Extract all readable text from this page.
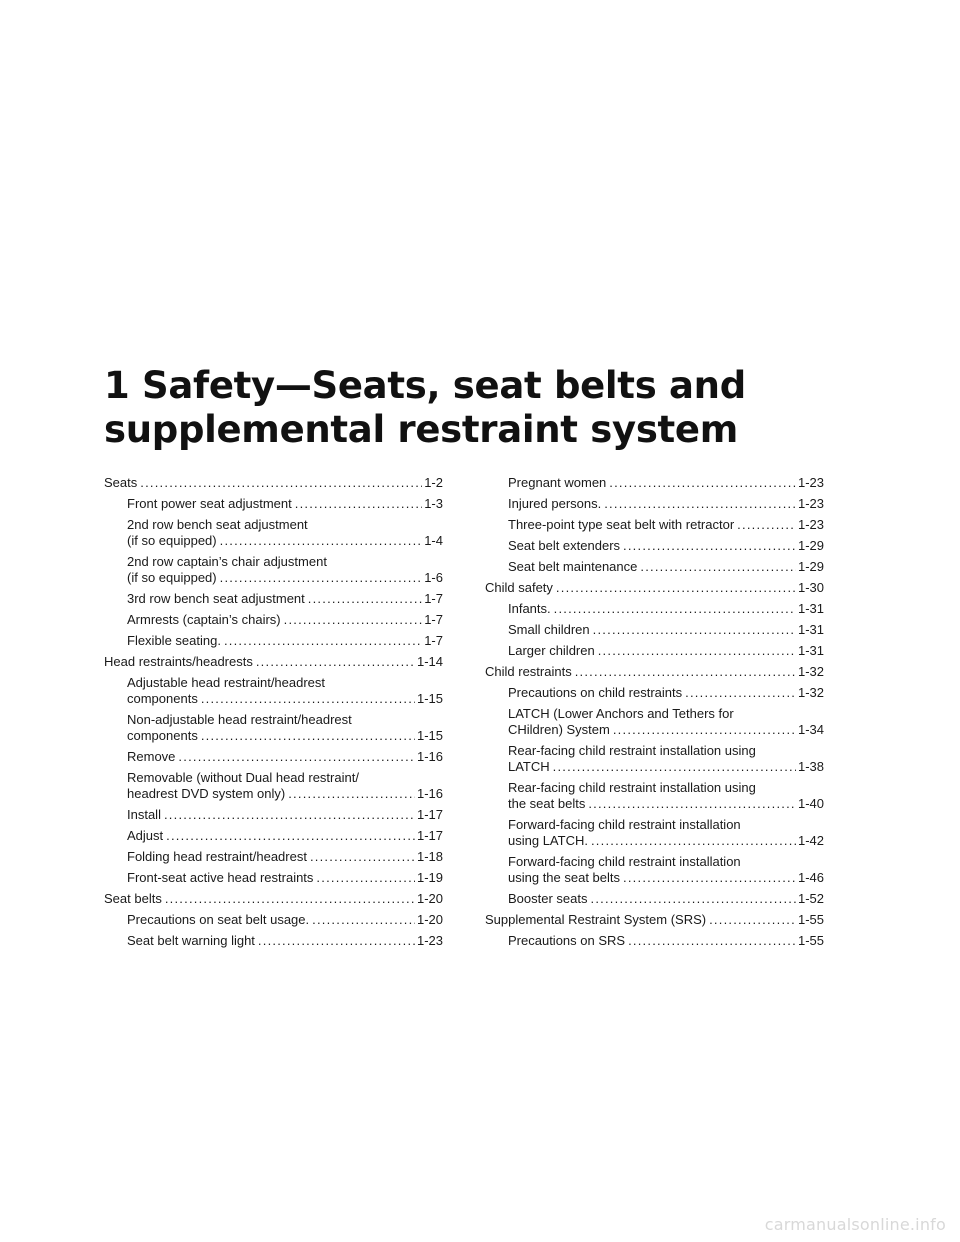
1 Safety—Seats, seat belts and
supplemental restraint system
Seats . . .	1-2
Front power seat adjustment . . .	1-3
2nd row bench seat adjustment
(if so equipped) . . .	1-4
2nd row captain’s chair adjustment
(if so equipped) . . .	1-6
3rd row bench seat adjustment . . .	1-7
Armrests (captain’s chairs) . . .	1-7
Flexible seating. . . .	1-7
Head restraints/headrests . . .	1-14
Adjustable head restraint/headrest
components . . .	1-15
Non-adjustable head restraint/headrest
components . . .	1-15
Remove . . .	1-16
Removable (without Dual head restraint/
headrest DVD system only) . . .	1-16
Install . . .	1-17
Adjust . . .	1-17
Folding head restraint/headrest . . .	1-18
Front-seat active head restraints . . .	1-19
Seat belts . . .	1-20
Precautions on seat belt usage. . . .	1-20
Seat belt warning light . . .	1-23
Pregnant women . . .	1-23
Injured persons. . . .	1-23
Three-point type seat belt with retractor . . .	1-23
Seat belt extenders . . .	1-29
Seat belt maintenance . . .	1-29
Child safety . . .	1-30
Infants. . . .	1-31
Small children . . .	1-31
Larger children . . .	1-31
Child restraints . . .	1-32
Precautions on child restraints . . .	1-32
LATCH (Lower Anchors and Tethers for
CHildren) System . . .	1-34
Rear-facing child restraint installation using
LATCH . . .	1-38
Rear-facing child restraint installation using
the seat belts . . .	1-40
Forward-facing child restraint installation
using LATCH. . . .	1-42
Forward-facing child restraint installation
using the seat belts . . .	1-46
Booster seats . . .	1-52
Supplemental Restraint System (SRS) . . .	1-55
Precautions on SRS . . .	1-55
carmanualsonline.info
